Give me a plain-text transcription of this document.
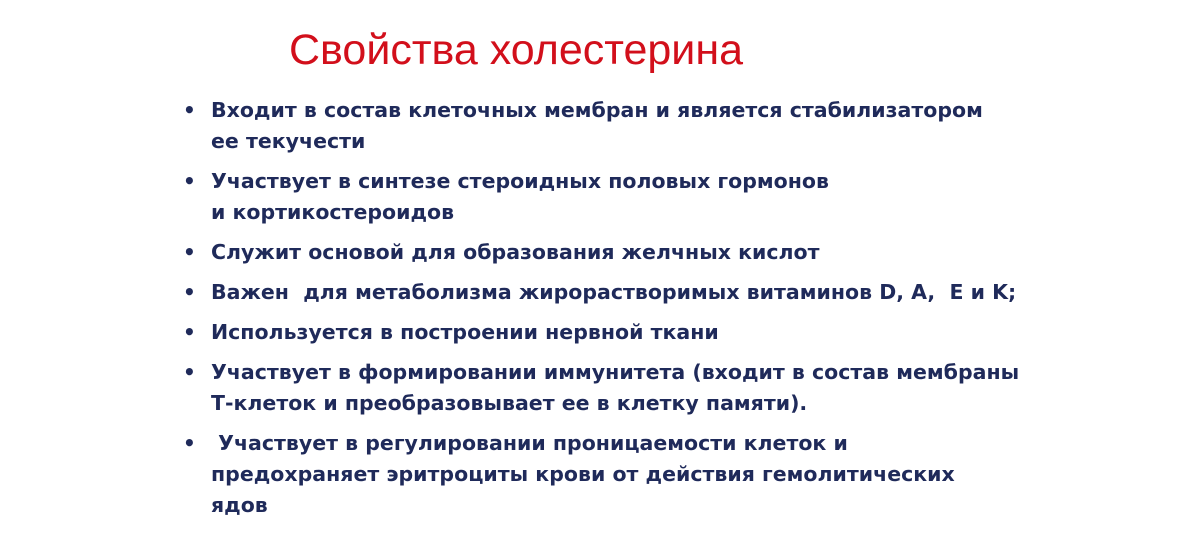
Свойства холестерина
• Входит в состав клеточных мембран и является стабилизатором ее текучести
• Участвует в синтезе стероидных половых гормонов и кортикостероидов
• Служит основой для образования желчных кислот
• Важен  для метаболизма жирорастворимых витаминов D, A,  E и K;
• Используется в построении нервной ткани
• Участвует в формировании иммунитета (входит в состав мембраны Т-клеток и преобразовывает ее в клетку памяти).
•  Участвует в регулировании проницаемости клеток и предохраняет эритроциты крови от действия гемолитических ядов
